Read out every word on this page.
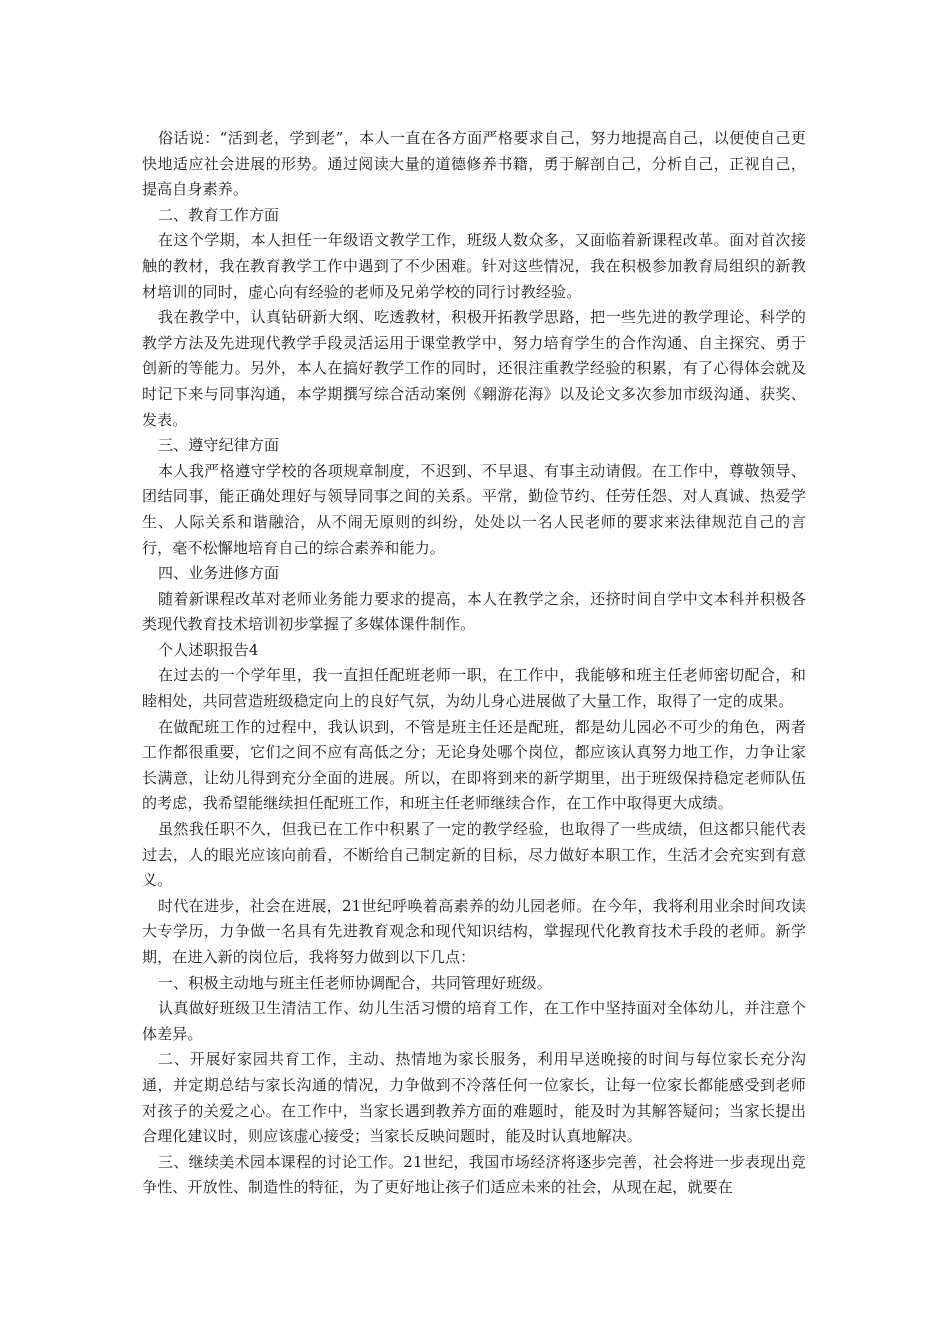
俗话说：“活到老，学到老”，本人一直在各方面严格要求自己，努力地提高自己，以便使自己更快地适应社会进展的形势。通过阅读大量的道德修养书籍，勇于解剖自己，分析自己，正视自己，提高自身素养。

二、教育工作方面

在这个学期，本人担任一年级语文教学工作，班级人数众多，又面临着新课程改革。面对首次接触的教材，我在教育教学工作中遇到了不少困难。针对这些情况，我在积极参加教育局组织的新教材培训的同时，虚心向有经验的老师及兄弟学校的同行讨教经验。

我在教学中，认真钻研新大纲、吃透教材，积极开拓教学思路，把一些先进的教学理论、科学的教学方法及先进现代教学手段灵活运用于课堂教学中，努力培育学生的合作沟通、自主探究、勇于创新的等能力。另外，本人在搞好教学工作的同时，还很注重教学经验的积累，有了心得体会就及时记下来与同事沟通，本学期撰写综合活动案例《翱游花海》以及论文多次参加市级沟通、获奖、发表。

三、遵守纪律方面

本人我严格遵守学校的各项规章制度，不迟到、不早退、有事主动请假。在工作中，尊敬领导、团结同事，能正确处理好与领导同事之间的关系。平常，勤俭节约、任劳任怨、对人真诚、热爱学生、人际关系和谐融洽，从不闹无原则的纠纷，处处以一名人民老师的要求来法律规范自己的言行，毫不松懈地培育自己的综合素养和能力。

四、业务进修方面

随着新课程改革对老师业务能力要求的提高，本人在教学之余，还挤时间自学中文本科并积极各类现代教育技术培训初步掌握了多媒体课件制作。

个人述职报告4

在过去的一个学年里，我一直担任配班老师一职，在工作中，我能够和班主任老师密切配合，和睦相处，共同营造班级稳定向上的良好气氛，为幼儿身心进展做了大量工作，取得了一定的成果。

在做配班工作的过程中，我认识到，不管是班主任还是配班，都是幼儿园必不可少的角色，两者工作都很重要，它们之间不应有高低之分；无论身处哪个岗位，都应该认真努力地工作，力争让家长满意，让幼儿得到充分全面的进展。所以，在即将到来的新学期里，出于班级保持稳定老师队伍的考虑，我希望能继续担任配班工作，和班主任老师继续合作，在工作中取得更大成绩。

虽然我任职不久，但我已在工作中积累了一定的教学经验，也取得了一些成绩，但这都只能代表过去，人的眼光应该向前看，不断给自己制定新的目标，尽力做好本职工作，生活才会充实到有意义。

时代在进步，社会在进展，21世纪呼唤着高素养的幼儿园老师。在今年，我将利用业余时间攻读大专学历，力争做一名具有先进教育观念和现代知识结构，掌握现代化教育技术手段的老师。新学期，在进入新的岗位后，我将努力做到以下几点：

一、积极主动地与班主任老师协调配合，共同管理好班级。

认真做好班级卫生清洁工作、幼儿生活习惯的培育工作，在工作中坚持面对全体幼儿，并注意个体差异。

二、开展好家园共育工作，主动、热情地为家长服务，利用早送晚接的时间与每位家长充分沟通，并定期总结与家长沟通的情况，力争做到不冷落任何一位家长，让每一位家长都能感受到老师对孩子的关爱之心。在工作中，当家长遇到教养方面的难题时，能及时为其解答疑问；当家长提出合理化建议时，则应该虚心接受；当家长反映问题时，能及时认真地解决。

三、继续美术园本课程的讨论工作。21世纪，我国市场经济将逐步完善，社会将进一步表现出竞争性、开放性、制造性的特征，为了更好地让孩子们适应未来的社会，从现在起，就要在
